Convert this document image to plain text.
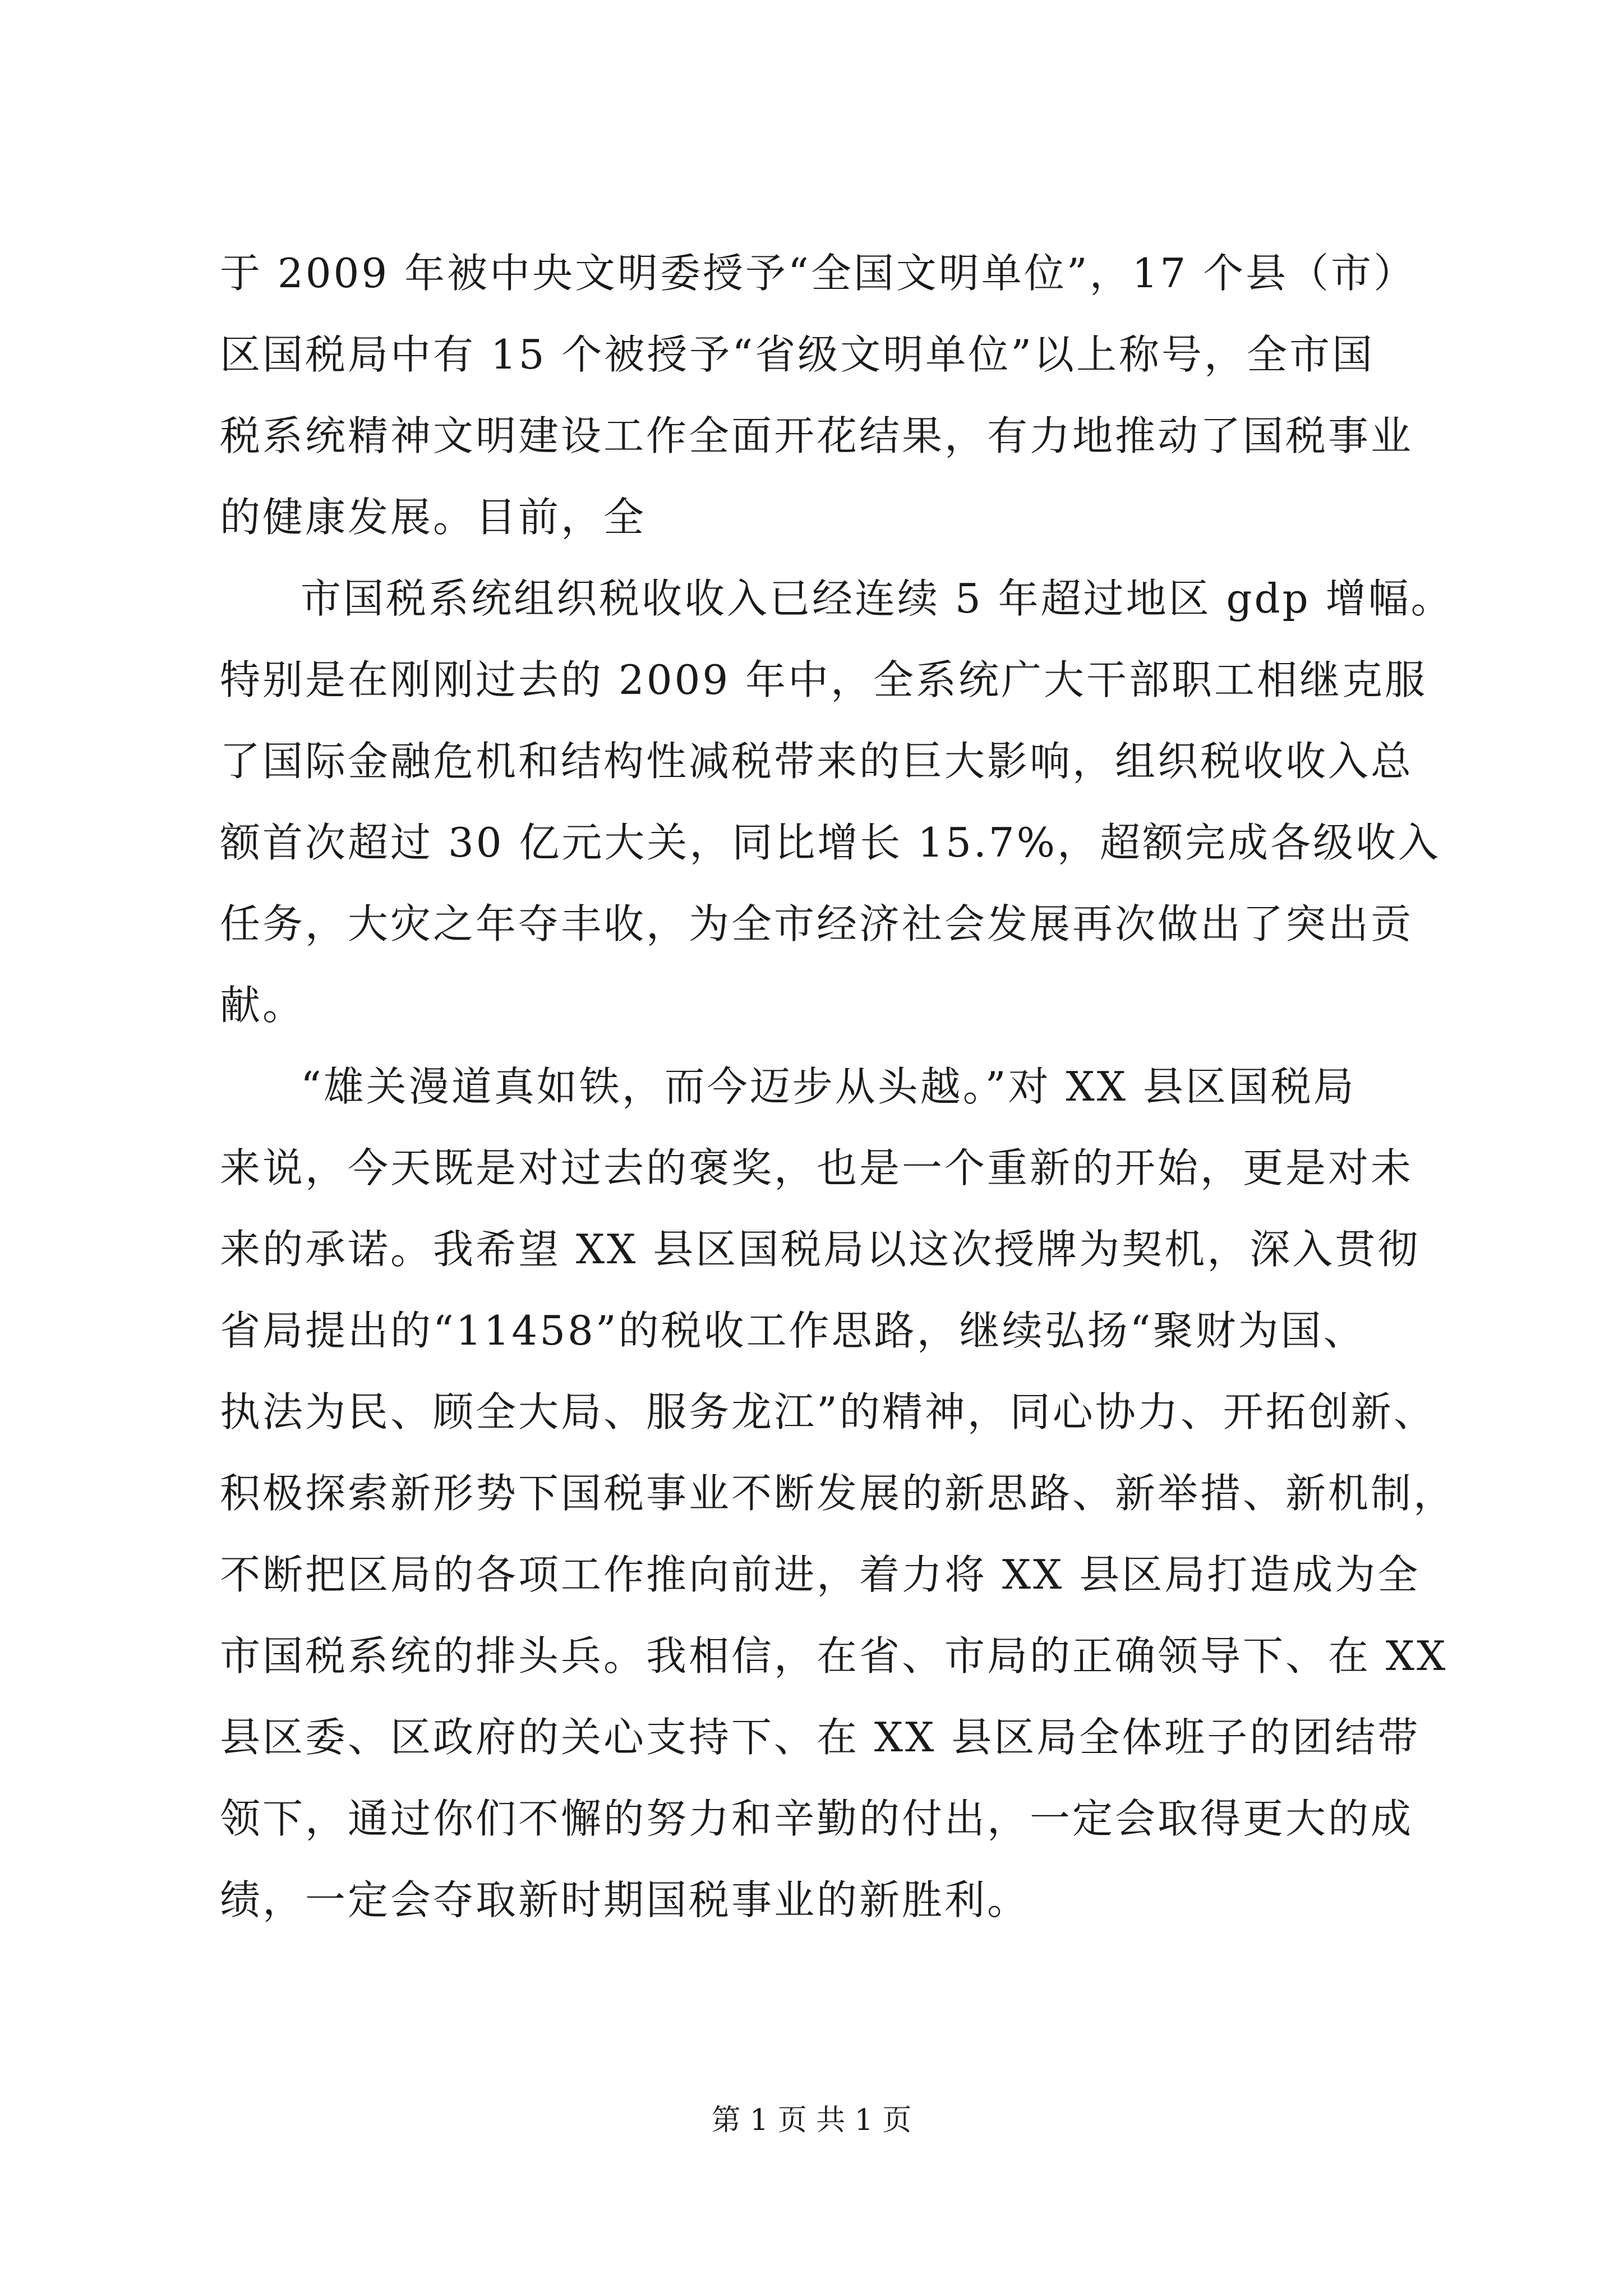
于 2009 年被中央文明委授予“全国文明单位”，17 个县（市）
区国税局中有 15 个被授予“省级文明单位”以上称号，全市国
税系统精神文明建设工作全面开花结果，有力地推动了国税事业
的健康发展。目前，全
市国税系统组织税收收入已经连续 5 年超过地区 gdp 增幅。
特别是在刚刚过去的 2009 年中，全系统广大干部职工相继克服
了国际金融危机和结构性减税带来的巨大影响，组织税收收入总
额首次超过 30 亿元大关，同比增长 15.7%，超额完成各级收入
任务，大灾之年夺丰收，为全市经济社会发展再次做出了突出贡
献。
“雄关漫道真如铁，而今迈步从头越。”对 XX 县区国税局
来说，今天既是对过去的褒奖，也是一个重新的开始，更是对未
来的承诺。我希望 XX 县区国税局以这次授牌为契机，深入贯彻
省局提出的“11458”的税收工作思路，继续弘扬“聚财为国、
执法为民、顾全大局、服务龙江”的精神，同心协力、开拓创新、
积极探索新形势下国税事业不断发展的新思路、新举措、新机制，
不断把区局的各项工作推向前进，着力将 XX 县区局打造成为全
市国税系统的排头兵。我相信，在省、市局的正确领导下、在 XX
县区委、区政府的关心支持下、在 XX 县区局全体班子的团结带
领下，通过你们不懈的努力和辛勤的付出，一定会取得更大的成
绩，一定会夺取新时期国税事业的新胜利。
第 1 页 共 1 页
